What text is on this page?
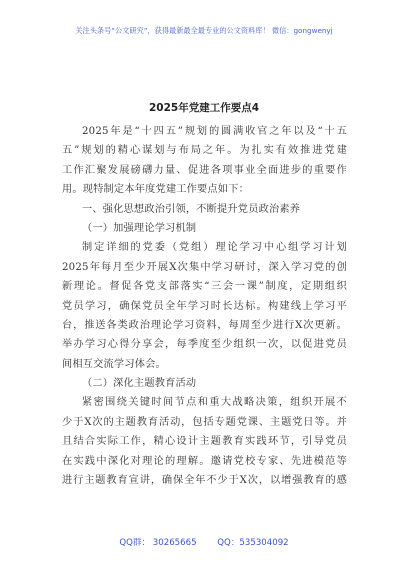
关注头条号“公文研究”，获得最新最全最专业的公文资料库！ 微信：gongwenyj
2025年党建工作要点4
2025年是“十四五”规划的圆满收官之年以及“十五
五”规划的精心谋划与布局之年。为扎实有效推进党建
工作汇聚发展磅礴力量、促进各项事业全面进步的重要作
用。现特制定本年度党建工作要点如下：
一、强化思想政治引领，不断提升党员政治素养
（一）加强理论学习机制
制定详细的党委（党组）理论学习中心组学习计划
2025年每月至少开展X次集中学习研讨，深入学习党的创
新理论。督促各党支部落实“三会一课”制度，定期组织
党员学习，确保党员全年学习时长达标。构建线上学习平
台，推送各类政治理论学习资料，每周至少进行X次更新。
举办学习心得分享会，每季度至少组织一次，以促进党员
间相互交流学习体会。
（二）深化主题教育活动
紧密围绕关键时间节点和重大战略决策，组织开展不
少于X次的主题教育活动，包括专题党课、主题党日等。并
且结合实际工作，精心设计主题教育实践环节，引导党员
在实践中深化对理论的理解。邀请党校专家、先进模范等
进行主题教育宣讲，确保全年不少于X次，以增强教育的感
QQ群： 30265665 QQ：535304092
